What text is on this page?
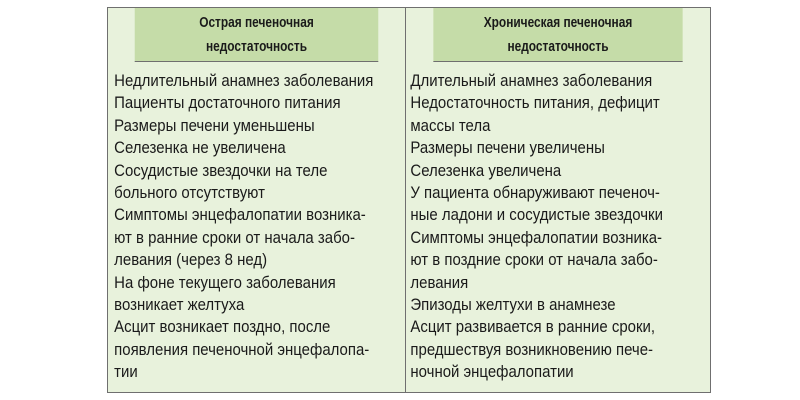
Острая печеночная
недостаточность
Недлительный анамнез заболевания
Пациенты достаточного питания
Размеры печени уменьшены
Селезенка не увеличена
Сосудистые звездочки на теле
больного отсутствуют
Симптомы энцефалопатии возника-
ют в ранние сроки от начала забо-
левания (через 8 нед)
На фоне текущего заболевания
возникает желтуха
Асцит возникает поздно, после
появления печеночной энцефалопа-
тии
Хроническая печеночная
недостаточность
Длительный анамнез заболевания
Недостаточность питания, дефицит
массы тела
Размеры печени увеличены
Селезенка увеличена
У пациента обнаруживают печеноч-
ные ладони и сосудистые звездочки
Симптомы энцефалопатии возника-
ют в поздние сроки от начала забо-
левания
Эпизоды желтухи в анамнезе
Асцит развивается в ранние сроки,
предшествуя возникновению пече-
ночной энцефалопатии
